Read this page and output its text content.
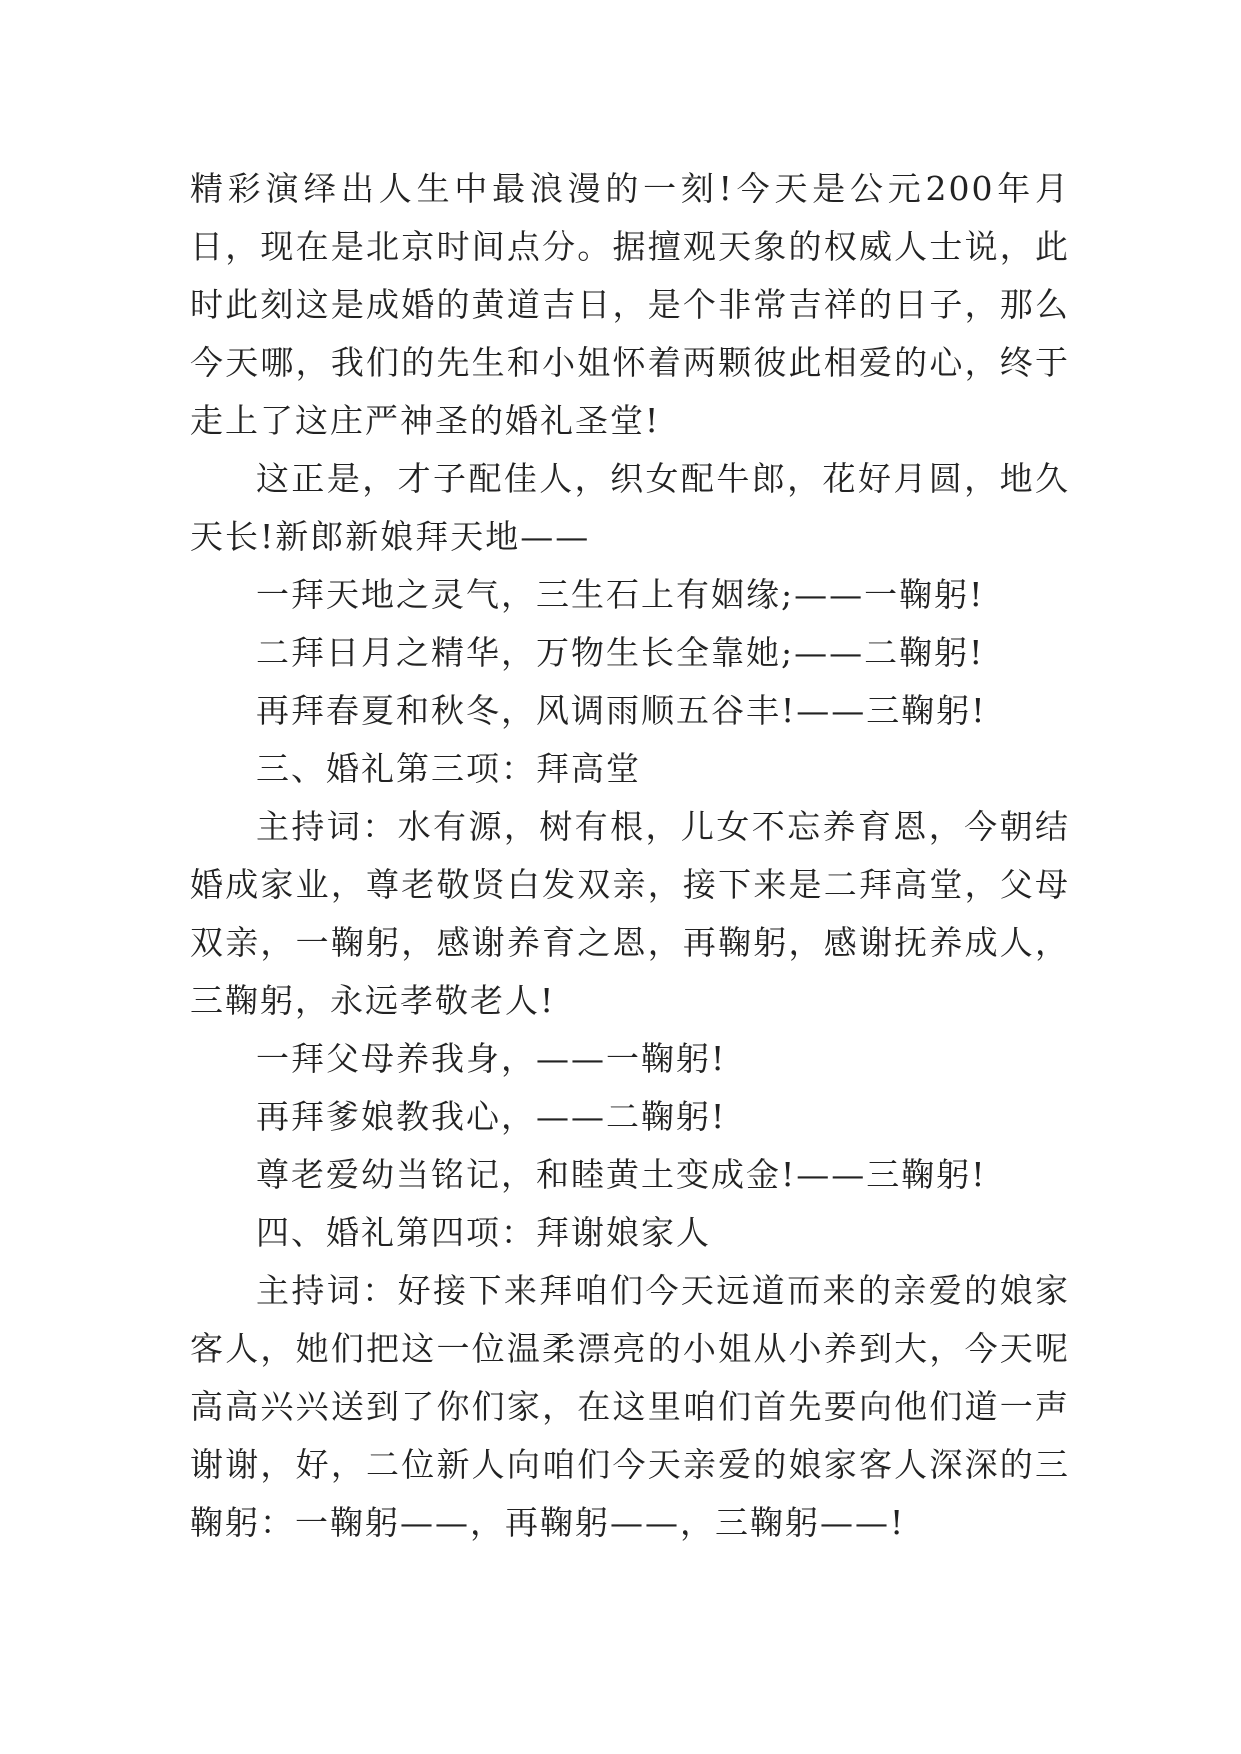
精彩演绎出人生中最浪漫的一刻!今天是公元200年月日，现在是北京时间点分。据擅观天象的权威人士说，此时此刻这是成婚的黄道吉日，是个非常吉祥的日子，那么今天哪，我们的先生和小姐怀着两颗彼此相爱的心，终于走上了这庄严神圣的婚礼圣堂!

这正是，才子配佳人，织女配牛郎，花好月圆，地久天长!新郎新娘拜天地——

一拜天地之灵气，三生石上有姻缘;——一鞠躬!

二拜日月之精华，万物生长全靠她;——二鞠躬!

再拜春夏和秋冬，风调雨顺五谷丰!——三鞠躬!

三、婚礼第三项：拜高堂

主持词：水有源，树有根，儿女不忘养育恩，今朝结婚成家业，尊老敬贤白发双亲，接下来是二拜高堂，父母双亲，一鞠躬，感谢养育之恩，再鞠躬，感谢抚养成人，三鞠躬，永远孝敬老人!

一拜父母养我身，——一鞠躬!

再拜爹娘教我心，——二鞠躬!

尊老爱幼当铭记，和睦黄土变成金!——三鞠躬!

四、婚礼第四项：拜谢娘家人

主持词：好接下来拜咱们今天远道而来的亲爱的娘家客人，她们把这一位温柔漂亮的小姐从小养到大，今天呢高高兴兴送到了你们家，在这里咱们首先要向他们道一声谢谢，好，二位新人向咱们今天亲爱的娘家客人深深的三鞠躬：一鞠躬——，再鞠躬——，三鞠躬——!
